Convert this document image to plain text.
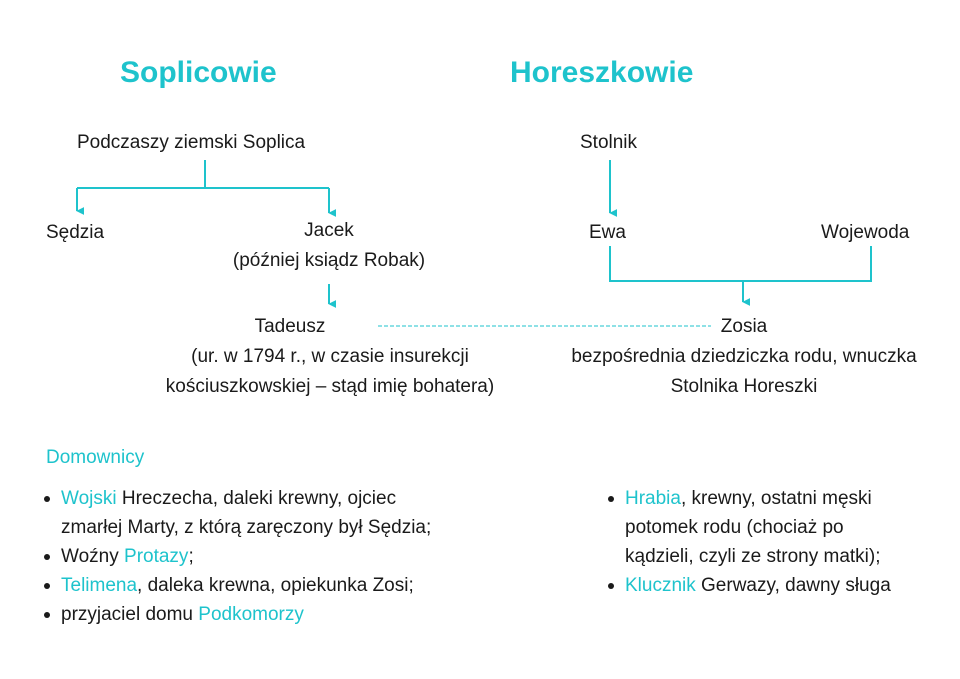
Soplicowie	Horeszkowie
Podczaszy ziemski Soplica
Sędzia	Jacek
(później ksiądz Robak)
Tadeusz
(ur. w 1794 r., w czasie insurekcji
kościuszkowskiej – stąd imię bohatera)
Stolnik
Ewa	Wojewoda
Zosia
bezpośrednia dziedziczka rodu, wnuczka
Stolnika Horeszki
Domownicy
Wojski Hreczecha, daleki krewny, ojciec
zmarłej Marty, z którą zaręczony był Sędzia;
Woźny Protazy;
Telimena, daleka krewna, opiekunka Zosi;
przyjaciel domu Podkomorzy
Hrabia, krewny, ostatni męski
potomek rodu (chociaż po
kądzieli, czyli ze strony matki);
Klucznik Gerwazy, dawny sługa
